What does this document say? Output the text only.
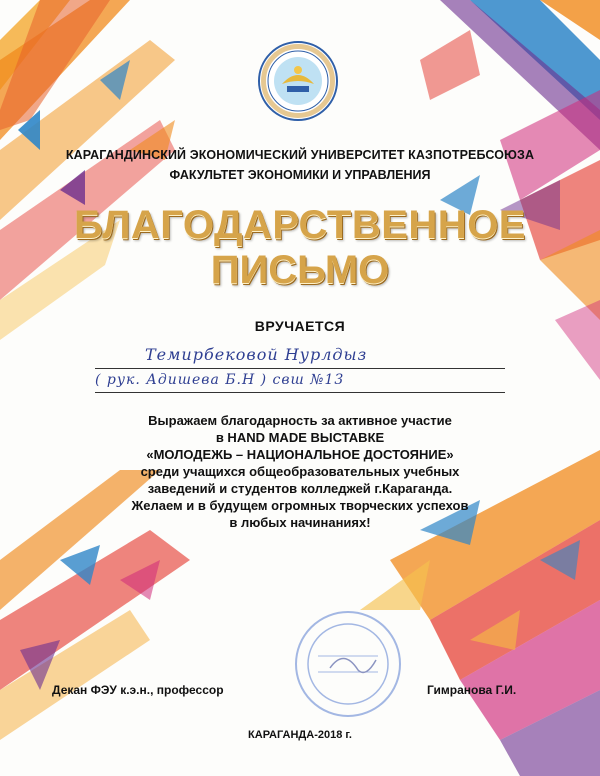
КАРАГАНДИНСКИЙ ЭКОНОМИЧЕСКИЙ УНИВЕРСИТЕТ КАЗПОТРЕБСОЮЗА
ФАКУЛЬТЕТ ЭКОНОМИКИ И УПРАВЛЕНИЯ
БЛАГОДАРСТВЕННОЕ
ПИСЬМО
ВРУЧАЕТСЯ
Темирбековой Нурлдыз
( рук. Адишева Б.Н ) свш №13
Выражаем благодарность за активное участие
в HAND MADE ВЫСТАВКЕ
«МОЛОДЕЖЬ – НАЦИОНАЛЬНОЕ ДОСТОЯНИЕ»
среди учащихся общеобразовательных учебных
заведений и студентов колледжей г.Караганда.
Желаем и в будущем огромных творческих успехов
в любых начинаниях!
Декан ФЭУ к.э.н., профессор	Гимранова Г.И.
КАРАГАНДА-2018 г.
